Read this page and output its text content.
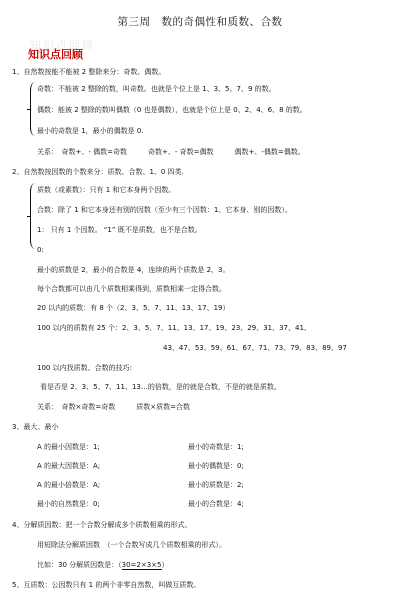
第三周　数的奇偶性和质数、合数
知识点回顾
知识点回顾
1、自然数按能不能被 2 整除来分：奇数、偶数。
奇数：不能被 2 整除的数，叫奇数。也就是个位上是 1、3、5、7、9 的数。
偶数：能被 2 整除的数叫偶数（0 也是偶数），也就是个位上是 0、2、4、6、8 的数。
最小的奇数是 1，最小的偶数是 0.
关系：　奇数+、- 偶数=奇数　　　奇数+、- 奇数=偶数　　　偶数+、-偶数=偶数。
2、自然数按因数的个数来分：质数、合数、1、0 四类.
质数（或素数）：只有 1 和它本身两个因数。
合数：除了 1 和它本身还有别的因数（至少有三个因数：1、它本身、别的因数）。
1： 只有 1 个因数。 “1” 既不是质数，也不是合数。
0:
最小的质数是 2，最小的合数是 4，连续的两个质数是 2、3。
每个合数都可以由几个质数相乘得到，质数相乘一定得合数。
20 以内的质数：有 8 个（2、3、5、7、11、13、17、19）
100 以内的质数有 25 个：2、3、5、7、11、13、17、19、23、29、31、37、41、
43、47、53、59、61、67、71、73、79、83、89、97
100 以内找质数、合数的技巧:
看是否是 2、3、5、7、11、13…的倍数，是的就是合数，不是的就是质数。
关系：　奇数×奇数=奇数　　　质数×质数=合数
3、最大、最小
A 的最小因数是：1;	最小的奇数是：1;
A 的最大因数是：A;	最小的偶数是：0;
A 的最小倍数是：A;	最小的质数是：2;
最小的自然数是：0;	最小的合数是：4;
4、分解质因数：把一个合数分解成多个质数相乘的形式。
用短除法分解质因数　（一个合数写成几个质数相乘的形式）。
比如：30 分解质因数是：（30=2×3×5）
5、互质数：公因数只有 1 的两个非零自然数，叫做互质数。
